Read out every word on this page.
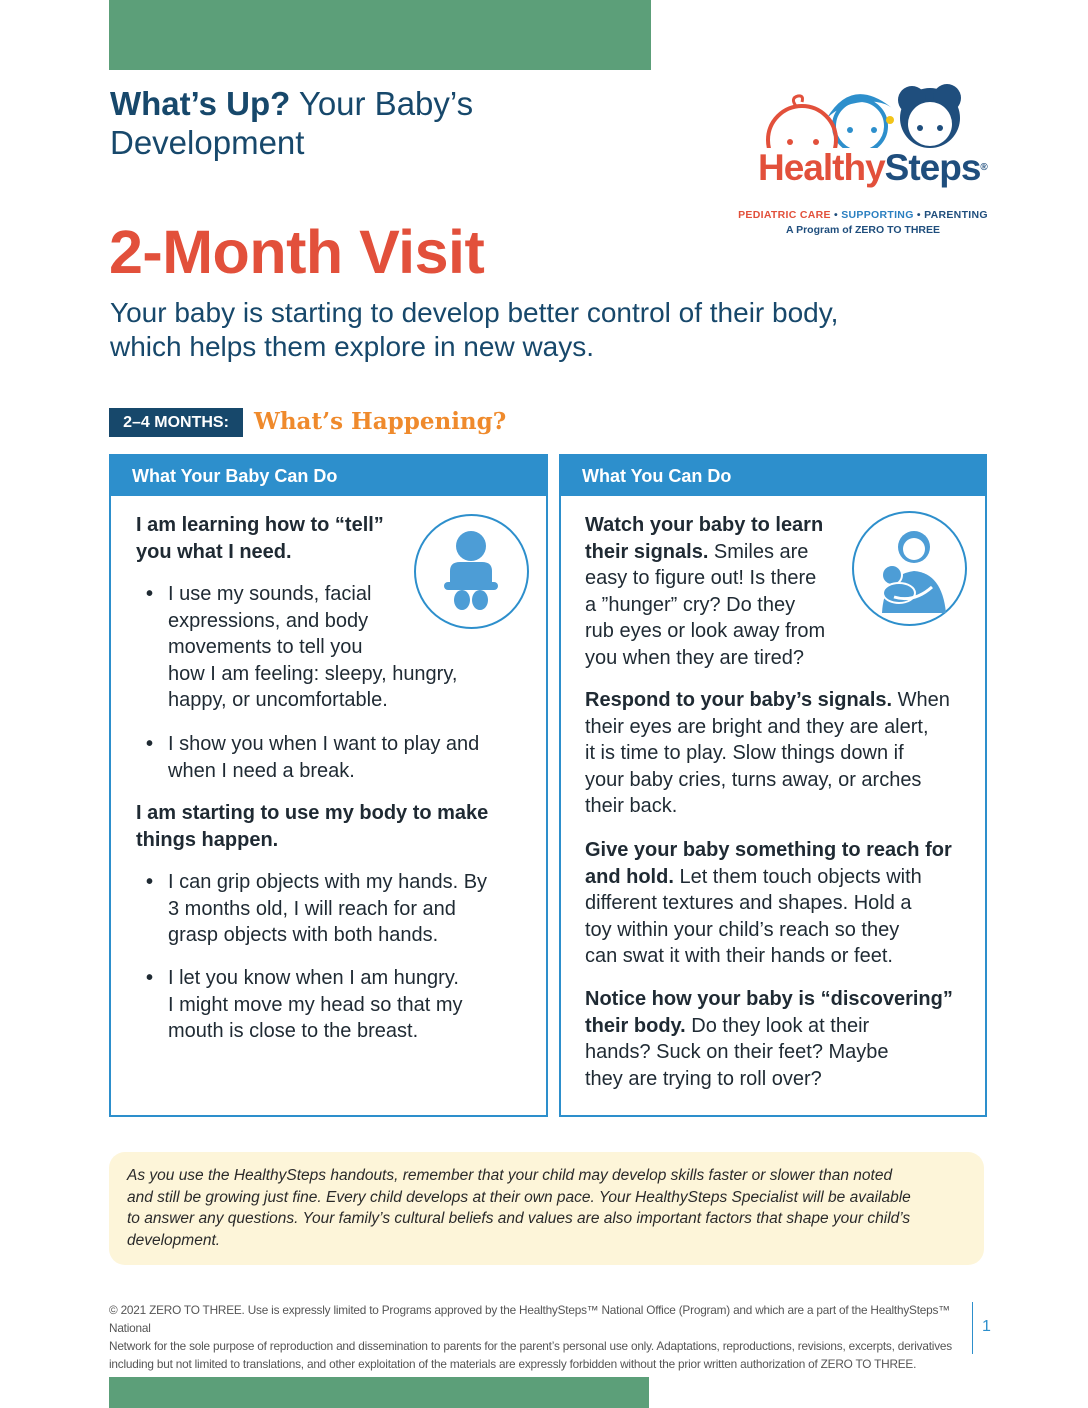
What’s Up? Your Baby’s
Development
HealthySteps®
PEDIATRIC CARE • SUPPORTING • PARENTING
A Program of ZERO TO THREE
2-Month Visit
Your baby is starting to develop better control of their body,
which helps them explore in new ways.
2–4 MONTHS:	What’s Happening?
What Your Baby Can Do
I am learning how to “tell”
you what I need.
• I use my sounds, facial
expressions, and body
movements to tell you
how I am feeling: sleepy, hungry,
happy, or uncomfortable.
• I show you when I want to play and
when I need a break.
I am starting to use my body to make
things happen.
• I can grip objects with my hands. By
3 months old, I will reach for and
grasp objects with both hands.
• I let you know when I am hungry.
I might move my head so that my
mouth is close to the breast.
What You Can Do
Watch your baby to learn
their signals. Smiles are
easy to figure out! Is there
a ”hunger” cry? Do they
rub eyes or look away from
you when they are tired?
Respond to your baby’s signals. When
their eyes are bright and they are alert,
it is time to play. Slow things down if
your baby cries, turns away, or arches
their back.
Give your baby something to reach for
and hold. Let them touch objects with
different textures and shapes. Hold a
toy within your child’s reach so they
can swat it with their hands or feet.
Notice how your baby is “discovering”
their body. Do they look at their
hands? Suck on their feet? Maybe
they are trying to roll over?
As you use the HealthySteps handouts, remember that your child may develop skills faster or slower than noted
and still be growing just fine. Every child develops at their own pace. Your HealthySteps Specialist will be available
to answer any questions. Your family’s cultural beliefs and values are also important factors that shape your child’s
development.
© 2021 ZERO TO THREE. Use is expressly limited to Programs approved by the HealthySteps™ National Office (Program) and which are a part of the HealthySteps™ National
Network for the sole purpose of reproduction and dissemination to parents for the parent’s personal use only. Adaptations, reproductions, revisions, excerpts, derivatives
including but not limited to translations, and other exploitation of the materials are expressly forbidden without the prior written authorization of ZERO TO THREE.
1
